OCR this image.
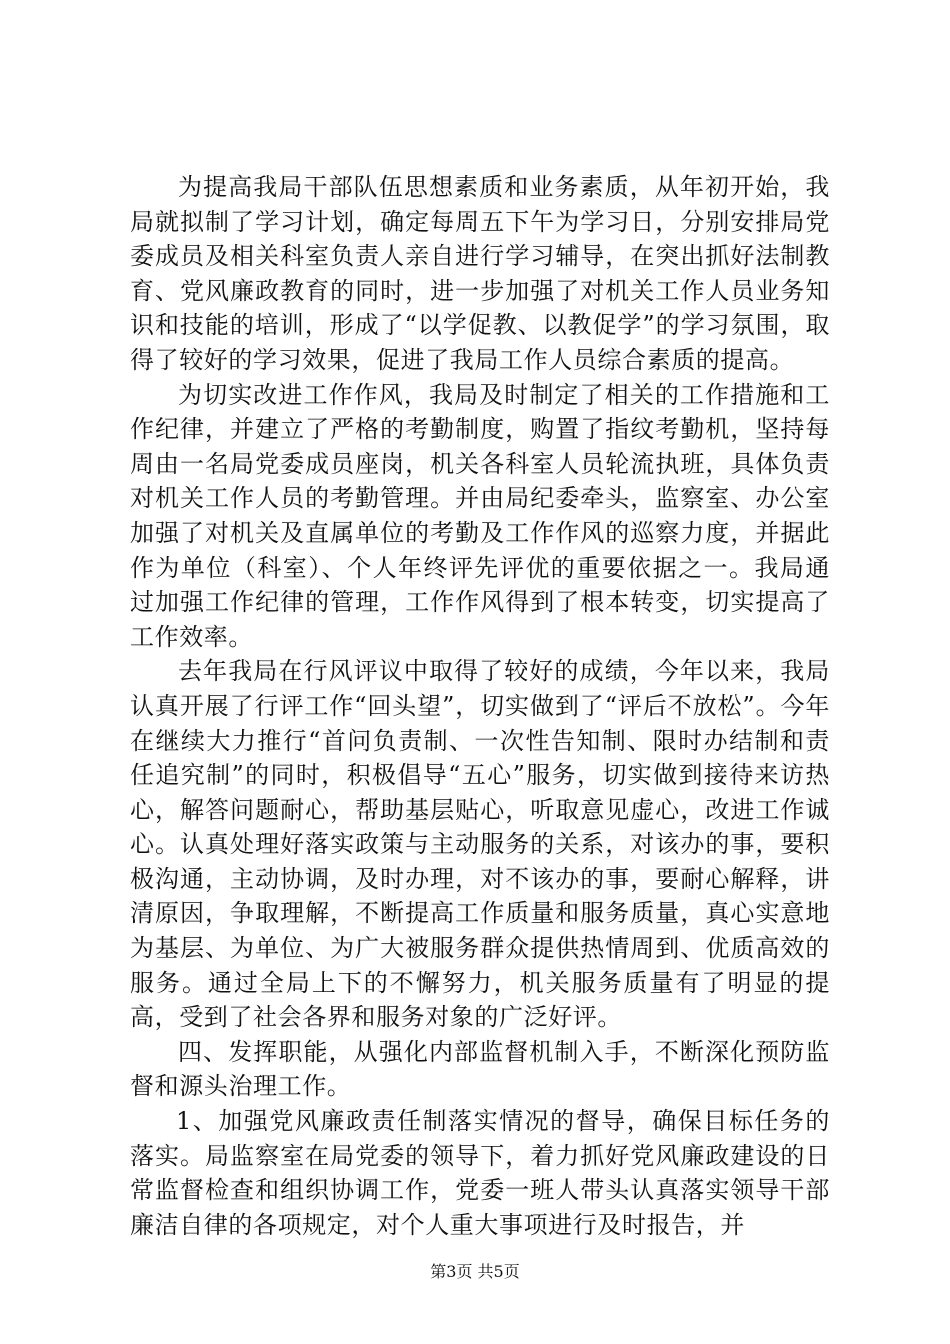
为提高我局干部队伍思想素质和业务素质，从年初开始，我局就拟制了学习计划，确定每周五下午为学习日，分别安排局党委成员及相关科室负责人亲自进行学习辅导，在突出抓好法制教育、党风廉政教育的同时，进一步加强了对机关工作人员业务知识和技能的培训，形成了“以学促教、以教促学”的学习氛围，取得了较好的学习效果，促进了我局工作人员综合素质的提高。

为切实改进工作作风，我局及时制定了相关的工作措施和工作纪律，并建立了严格的考勤制度，购置了指纹考勤机，坚持每周由一名局党委成员座岗，机关各科室人员轮流执班，具体负责对机关工作人员的考勤管理。并由局纪委牵头，监察室、办公室加强了对机关及直属单位的考勤及工作作风的巡察力度，并据此作为单位（科室）、个人年终评先评优的重要依据之一。我局通过加强工作纪律的管理，工作作风得到了根本转变，切实提高了工作效率。

去年我局在行风评议中取得了较好的成绩，今年以来，我局认真开展了行评工作“回头望”，切实做到了“评后不放松”。今年在继续大力推行“首问负责制、一次性告知制、限时办结制和责任追究制”的同时，积极倡导“五心”服务，切实做到接待来访热心，解答问题耐心，帮助基层贴心，听取意见虚心，改进工作诚心。认真处理好落实政策与主动服务的关系，对该办的事，要积极沟通，主动协调，及时办理，对不该办的事，要耐心解释，讲清原因，争取理解，不断提高工作质量和服务质量，真心实意地为基层、为单位、为广大被服务群众提供热情周到、优质高效的服务。通过全局上下的不懈努力，机关服务质量有了明显的提高，受到了社会各界和服务对象的广泛好评。

四、发挥职能，从强化内部监督机制入手，不断深化预防监督和源头治理工作。

1、加强党风廉政责任制落实情况的督导，确保目标任务的落实。局监察室在局党委的领导下，着力抓好党风廉政建设的日常监督检查和组织协调工作，党委一班人带头认真落实领导干部廉洁自律的各项规定，对个人重大事项进行及时报告，并

第3页 共5页
